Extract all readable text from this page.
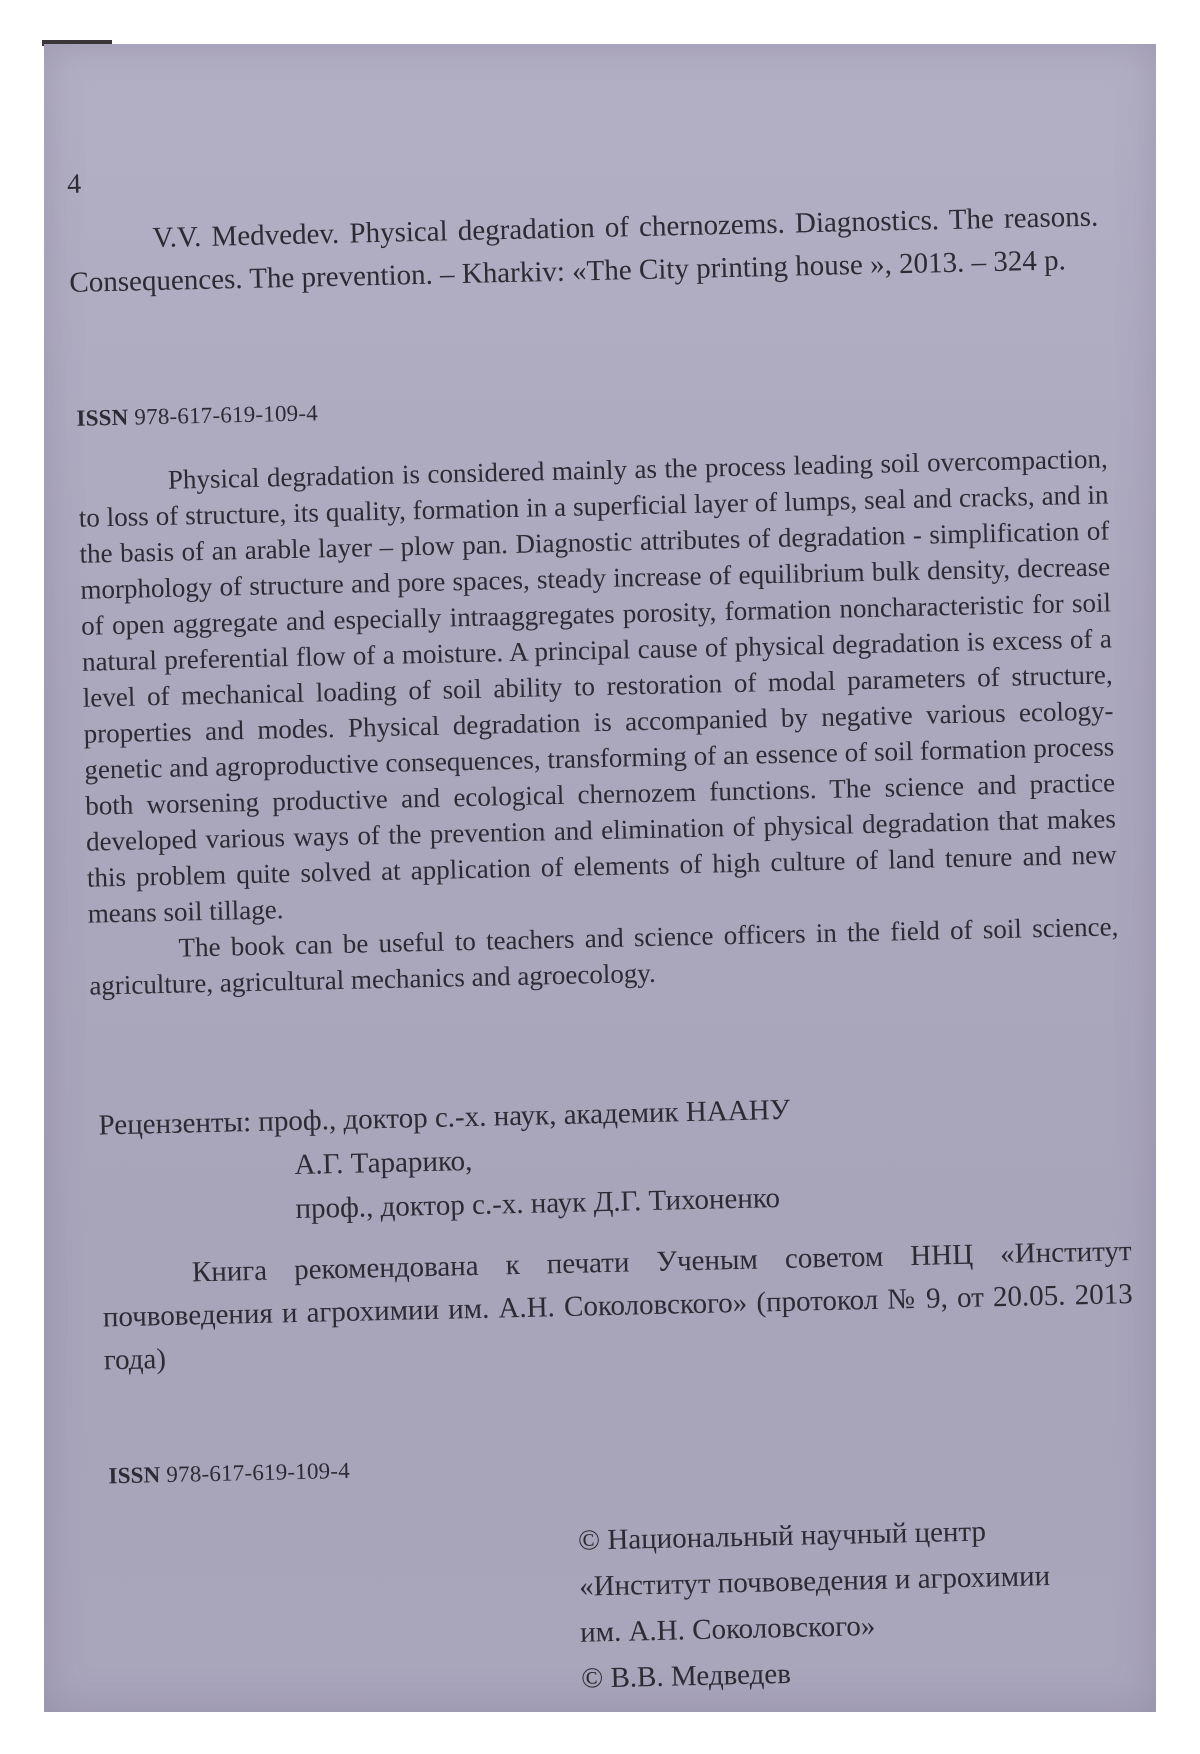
4
V.V. Medvedev. Physical degradation of chernozems. Diagnostics. The reasons. Consequences. The prevention. – Kharkiv: «The City printing house », 2013. – 324 p.
ISSN 978-617-619-109-4

Physical degradation is considered mainly as the process leading soil overcompaction, to loss of structure, its quality, formation in a superficial layer of lumps, seal and cracks, and in the basis of an arable layer – plow pan. Diagnostic attributes of degradation - simplification of morphology of structure and pore spaces, steady increase of equilibrium bulk density, decrease of open aggregate and especially intraaggregates porosity, formation noncharacteristic for soil natural preferential flow of a moisture. A principal cause of physical degradation is excess of a level of mechanical loading of soil ability to restoration of modal parameters of structure, properties and modes. Physical degradation is accompanied by negative various ecology-genetic and agroproductive consequences, transforming of an essence of soil formation process both worsening productive and ecological chernozem functions. The science and practice developed various ways of the prevention and elimination of physical degradation that makes this problem quite solved at application of elements of high culture of land tenure and new means soil tillage.

The book can be useful to teachers and science officers in the field of soil science, agriculture, agricultural mechanics and agroecology.

Рецензенты: проф., доктор с.-х. наук, академик НААНУ
А.Г. Тарарико,
проф., доктор с.-х. наук Д.Г. Тихоненко
Книга рекомендована к печати Ученым советом ННЦ «Институт почвоведения и агрохимии им. А.Н. Соколовского» (протокол № 9, от 20.05. 2013 года)
ISSN 978-617-619-109-4
© Национальный научный центр
«Институт почвоведения и агрохимии
им. А.Н. Соколовского»
© В.В. Медведев
